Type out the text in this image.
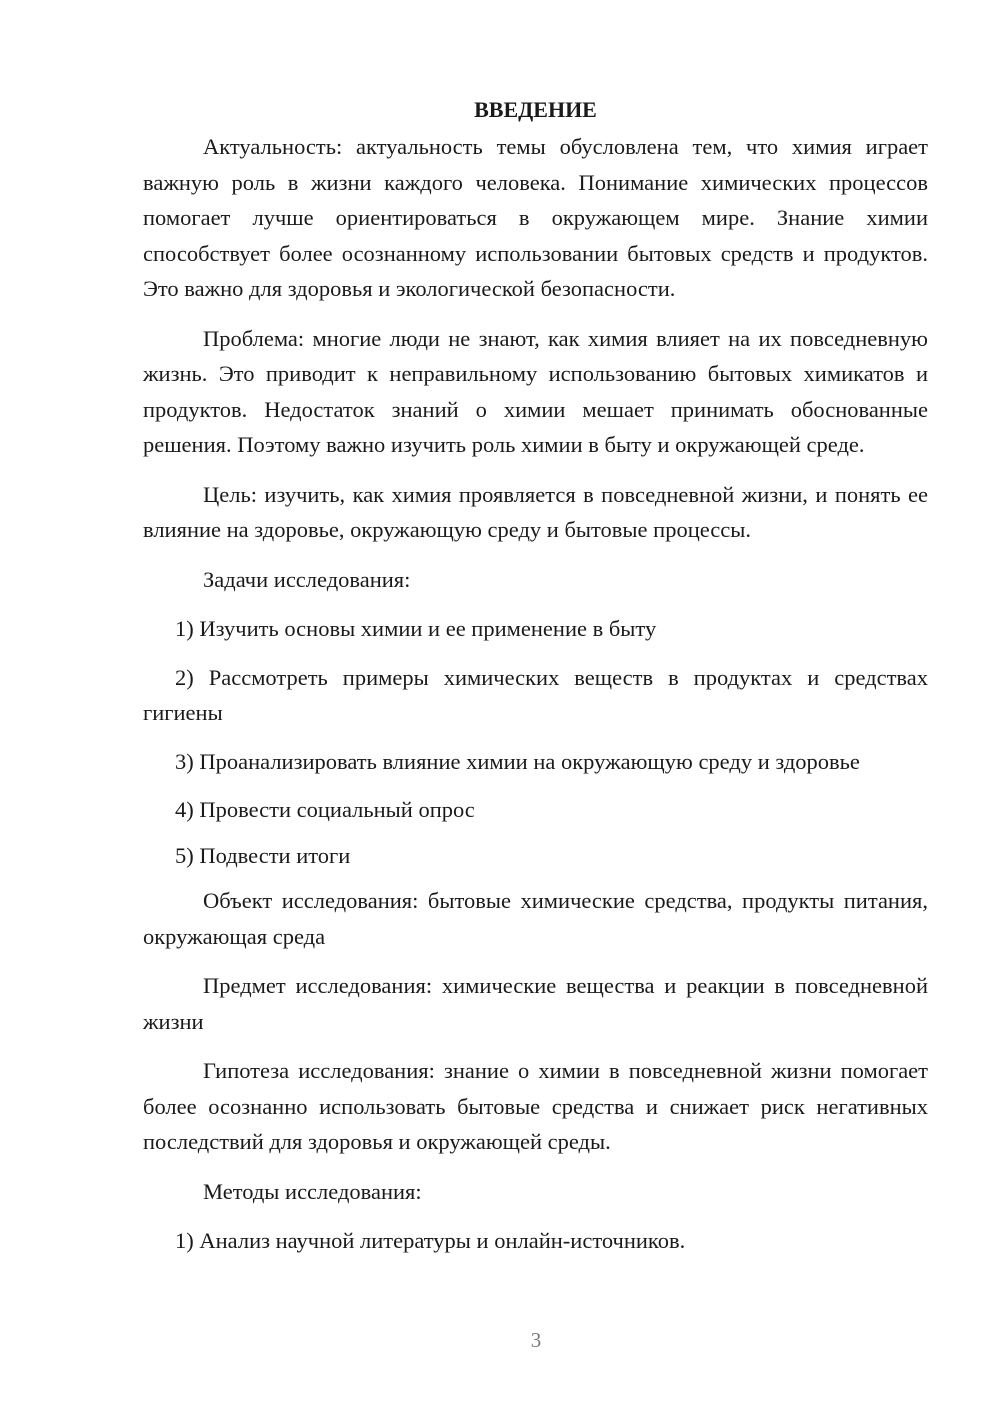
ВВЕДЕНИЕ

Актуальность: актуальность темы обусловлена тем, что химия играет важную роль в жизни каждого человека. Понимание химических процессов помогает лучше ориентироваться в окружающем мире. Знание химии способствует более осознанному использовании бытовых средств и продуктов. Это важно для здоровья и экологической безопасности.

Проблема: многие люди не знают, как химия влияет на их повседневную жизнь. Это приводит к неправильному использованию бытовых химикатов и продуктов. Недостаток знаний о химии мешает принимать обоснованные решения. Поэтому важно изучить роль химии в быту и окружающей среде.

Цель: изучить, как химия проявляется в повседневной жизни, и понять ее влияние на здоровье, окружающую среду и бытовые процессы.

Задачи исследования:

1) Изучить основы химии и ее применение в быту

2) Рассмотреть примеры химических веществ в продуктах и средствах гигиены

3) Проанализировать влияние химии на окружающую среду и здоровье

4) Провести социальный опрос

5) Подвести итоги

Объект исследования: бытовые химические средства, продукты питания, окружающая среда

Предмет исследования: химические вещества и реакции в повседневной жизни

Гипотеза исследования: знание о химии в повседневной жизни помогает более осознанно использовать бытовые средства и снижает риск негативных последствий для здоровья и окружающей среды.

Методы исследования:

1) Анализ научной литературы и онлайн-источников.

3
